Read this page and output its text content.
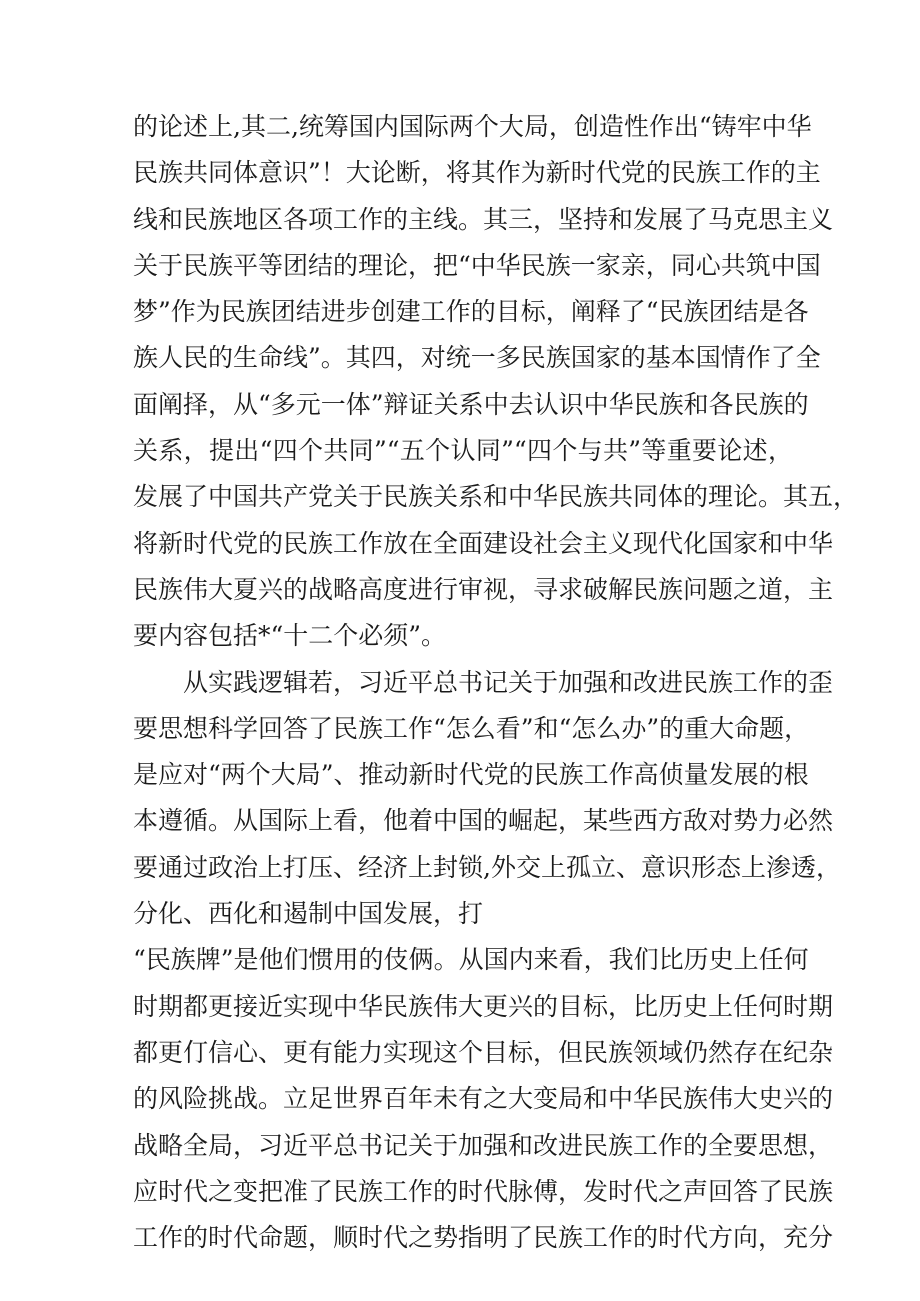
的论述上,其二,统筹国内国际两个大局，创造性作出“铸牢中华
民族共同体意识”！大论断，将其作为新时代党的民族工作的主
线和民族地区各项工作的主线。其三，坚持和发展了马克思主义
关于民族平等团结的理论，把“中华民族一家亲，同心共筑中国
梦”作为民族团结进步创建工作的目标，阐释了“民族团结是各
族人民的生命线”。其四，对统一多民族国家的基本国情作了全
面阐择，从“多元一体”辩证关系中去认识中华民族和各民族的
关系，提出“四个共同”“五个认同”“四个与共”等重要论述，
发展了中国共产党关于民族关系和中华民族共同体的理论。其五，
将新时代党的民族工作放在全面建设社会主义现代化国家和中华
民族伟大夏兴的战略高度进行审视，寻求破解民族问题之道，主
要内容包括*“十二个必须”。
从实践逻辑若，习近平总书记关于加强和改进民族工作的歪
要思想科学回答了民族工作“怎么看”和“怎么办”的重大命题，
是应对“两个大局”、推动新时代党的民族工作高侦量发展的根
本遵循。从国际上看，他着中国的崛起，某些西方敌对势力必然
要通过政治上打压、经济上封锁,外交上孤立、意识形态上渗透，
分化、西化和遏制中国发展，打
“民族牌”是他们惯用的伎俩。从国内来看，我们比历史上任何
时期都更接近实现中华民族伟大更兴的目标，比历史上任何时期
都更仃信心、更有能力实现这个目标，但民族领域仍然存在纪杂
的风险挑战。立足世界百年未有之大变局和中华民族伟大史兴的
战略全局，习近平总书记关于加强和改进民族工作的全要思想，
应时代之变把准了民族工作的时代脉傅，发时代之声回答了民族
工作的时代命题，顺时代之势指明了民族工作的时代方向，充分
